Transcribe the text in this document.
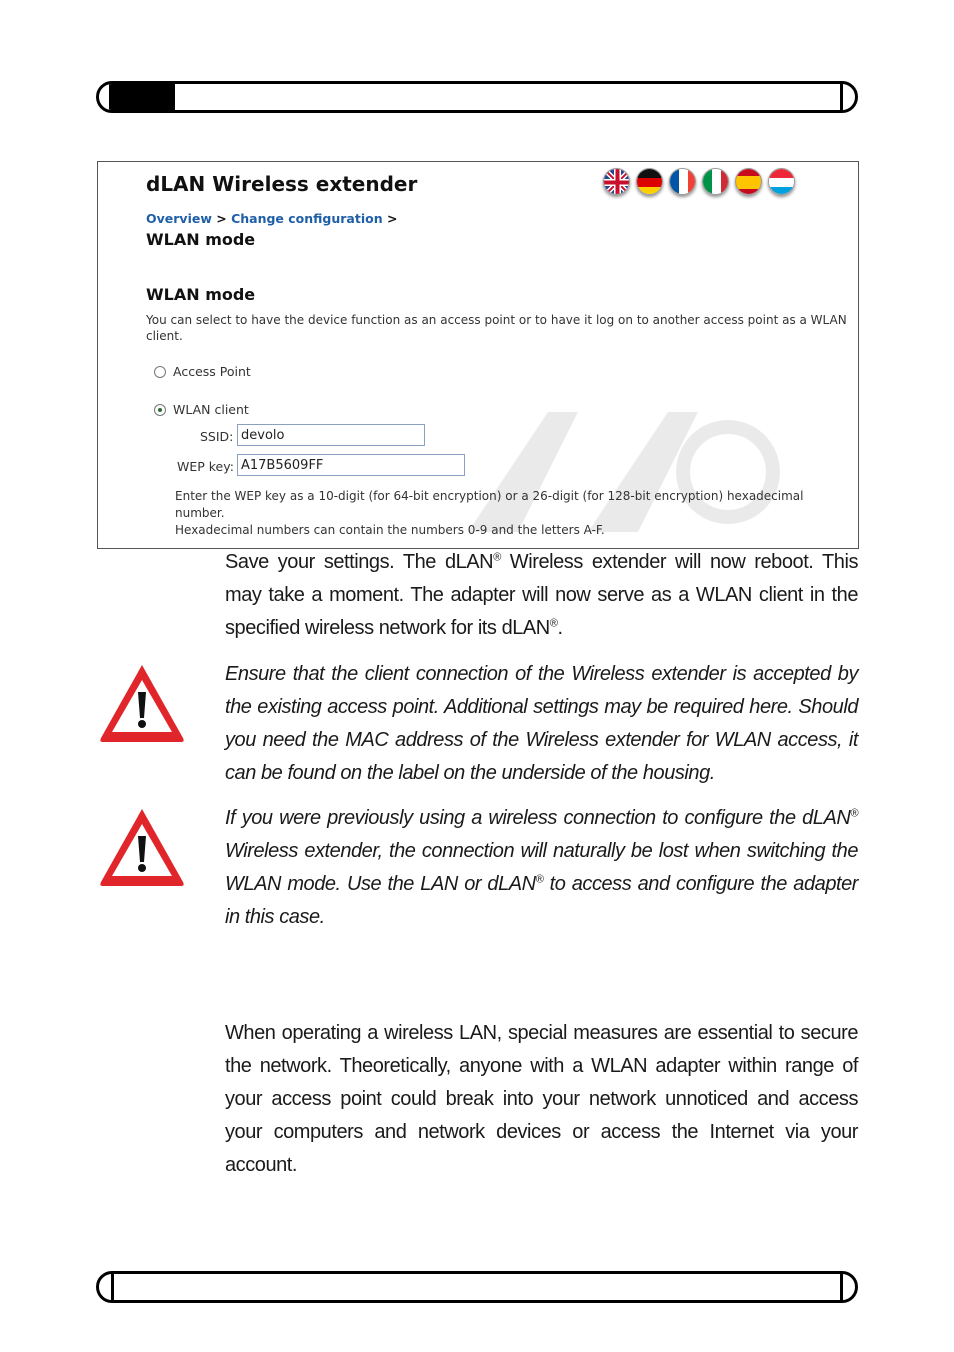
dLAN Wireless extender
Overview > Change configuration >
WLAN mode
WLAN mode
You can select to have the device function as an access point or to have it log on to another access point as a WLAN client.
Access Point
WLAN client
SSID:
devolo
WEP key:
A17B5609FF
Enter the WEP key as a 10-digit (for 64-bit encryption) or a 26-digit (for 128-bit encryption) hexadecimal number.
Hexadecimal numbers can contain the numbers 0-9 and the letters A-F.
Save your settings. The dLAN® Wireless extender will now reboot. This may take a moment. The adapter will now serve as a WLAN client in the specified wireless network for its dLAN®.
Ensure that the client connection of the Wireless extender is accepted by the existing access point. Additional settings may be required here. Should you need the MAC address of the Wireless extender for WLAN access, it can be found on the label on the underside of the housing.
If you were previously using a wireless connection to configure the dLAN® Wireless extender, the connection will naturally be lost when switching the WLAN mode. Use the LAN or dLAN® to access and configure the adapter in this case.
When operating a wireless LAN, special measures are essential to secure the network. Theoretically, anyone with a WLAN adapter within range of your access point could break into your network unnoticed and access your computers and network devices or access the Internet via your account.
